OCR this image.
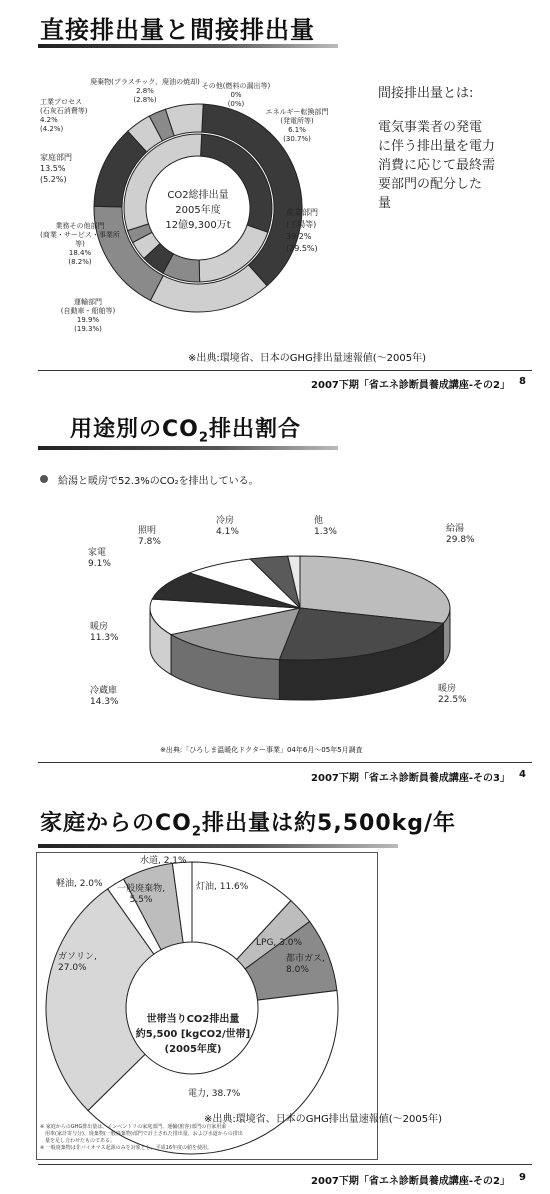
直接排出量と間接排出量
間接排出量とは:
電気事業者の発電
に伴う排出量を電力
消費に応じて最終需
要部門の配分した
量
CO2総排出量
2005年度
12億9,300万t
産業部門
(工場等)
39.2%
(29.5%)
運輸部門
(自動車・船舶等)
19.9%
(19.3%)
業務その他部門
(商業・サービス・事業所
等)
18.4%
(8.2%)
家庭部門
13.5%
(5.2%)
工業プロセス
(石灰石消費等)
4.2%
(4.2%)
廃棄物(プラスチック、廃油の焼却)
2.8%
(2.8%)
その他(燃料の漏出等)
0%
(0%)
エネルギー転換部門
(発電所等)
6.1%
(30.7%)
※出典:環境省、日本のGHG排出量速報値(～2005年)
2007下期「省エネ診断員養成講座-その2」 8
用途別の$CO_2$排出割合
給湯と暖房で52.3%のCO₂を排出している。
給湯
29.8%
暖房
22.5%
冷蔵庫
14.3%
暖房
11.3%
家電
9.1%
照明
7.8%
冷房
4.1%
他
1.3%
※出典:「ひろしま温暖化ドクター事業」04年6月～05年5月調査
2007下期「省エネ診断員養成講座-その3」 4
家庭からの$CO_2$排出量は約5,500kg/年
世帯当りCO2排出量
約5,500 [kgCO2/世帯]
(2005年度)
灯油, 11.6%
LPG, 3.0%
都市ガス,
8.0%
電力, 38.7%
ガソリン,
27.0%
軽油, 2.0%	一般廃棄物,
5.5%
水道, 2.1%
※出典:環境省、日本のGHG排出量速報値(～2005年)
※ 家庭からのGHG排出量は、インベントリの家庭部門、運輸(旅客)部門の自家用乗
　用車(家計寄与分)、廃棄物(一般廃棄物)部門で計上された排出量、および水道からの排出
　量を足し合わせたものである。
※ 一般廃棄物は非バイオマス起源のみを対象とし、平成16年度の値を使用。
2007下期「省エネ診断員養成講座-その2」 9
